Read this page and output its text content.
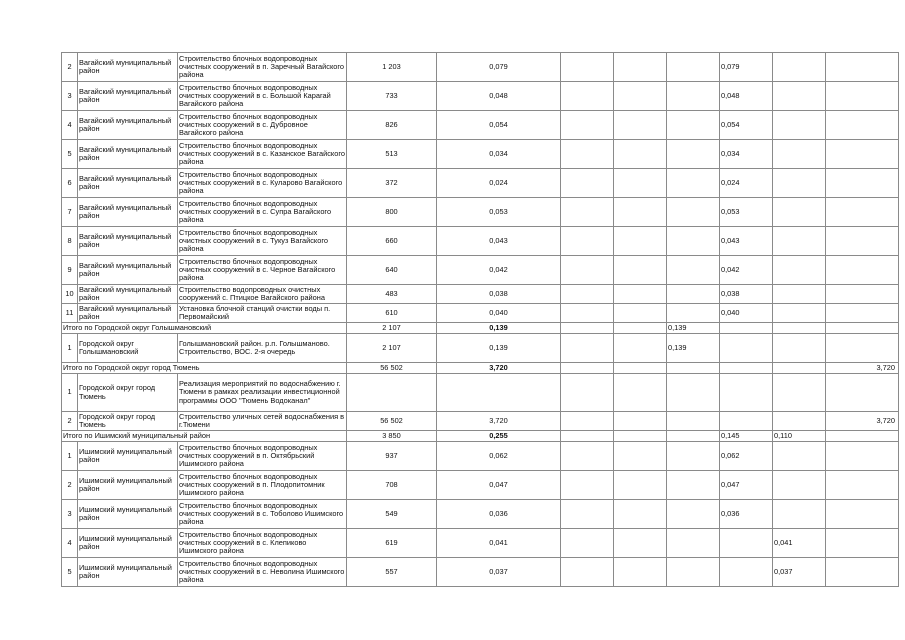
2	Вагайский муниципальный район	Строительство блочных водопроводных очистных сооружений в п. Заречный Вагайского района	1 203	0,079				0,079		
3	Вагайский муниципальный район	Строительство блочных водопроводных очистных сооружений в с. Большой Карагай Вагайского района	733	0,048				0,048		
4	Вагайский муниципальный район	Строительство блочных водопроводных очистных сооружений в с. Дубровное Вагайского района	826	0,054				0,054		
5	Вагайский муниципальный район	Строительство блочных водопроводных очистных сооружений в с. Казанское Вагайского района	513	0,034				0,034		
6	Вагайский муниципальный район	Строительство блочных водопроводных очистных сооружений в с. Куларово Вагайского района	372	0,024				0,024		
7	Вагайский муниципальный район	Строительство блочных водопроводных очистных сооружений в с. Супра Вагайского района	800	0,053				0,053		
8	Вагайский муниципальный район	Строительство блочных водопроводных очистных сооружений в с. Тукуз Вагайского района	660	0,043				0,043		
9	Вагайский муниципальный район	Строительство блочных водопроводных очистных сооружений в с. Черное Вагайского района	640	0,042				0,042		
10	Вагайский муниципальный район	Строительство водопроводных очистных сооружений с. Птицкое Вагайского района	483	0,038				0,038		
11	Вагайский муниципальный район	Установка блочной станций очистки воды п. Первомайский	610	0,040				0,040		
Итого по Городской округ Голышмановский			2 107	0,139			0,139			
1	Городской округ Голышмановский	Голышмановский район. р.п. Голышманово. Строительство, ВОС. 2-я очередь	2 107	0,139			0,139			
Итого по Городской округ город Тюмень			56 502	3,720						3,720
1	Городской округ город Тюмень	Реализация мероприятий по водоснабжению г. Тюмени в рамках реализации инвестиционной программы ООО "Тюмень Водоканал"								
2	Городской округ город Тюмень	Строительство уличных сетей водоснабжения в г.Тюмени	56 502	3,720						3,720
Итого по Ишимский муниципальный район			3 850	0,255				0,145	0,110	
1	Ишимский муниципальный район	Строительство блочных водопроводных очистных сооружений в п. Октябрьский Ишимского района	937	0,062				0,062		
2	Ишимский муниципальный район	Строительство блочных водопроводных очистных сооружений в п. Плодопитомник Ишимского района	708	0,047				0,047		
3	Ишимский муниципальный район	Строительство блочных водопроводных очистных сооружений в с. Тоболово Ишимского района	549	0,036				0,036		
4	Ишимский муниципальный район	Строительство блочных водопроводных очистных сооружений в с. Клепиково Ишимского района	619	0,041					0,041	
5	Ишимский муниципальный район	Строительство блочных водопроводных очистных сооружений в с. Неволина Ишимского района	557	0,037					0,037	
